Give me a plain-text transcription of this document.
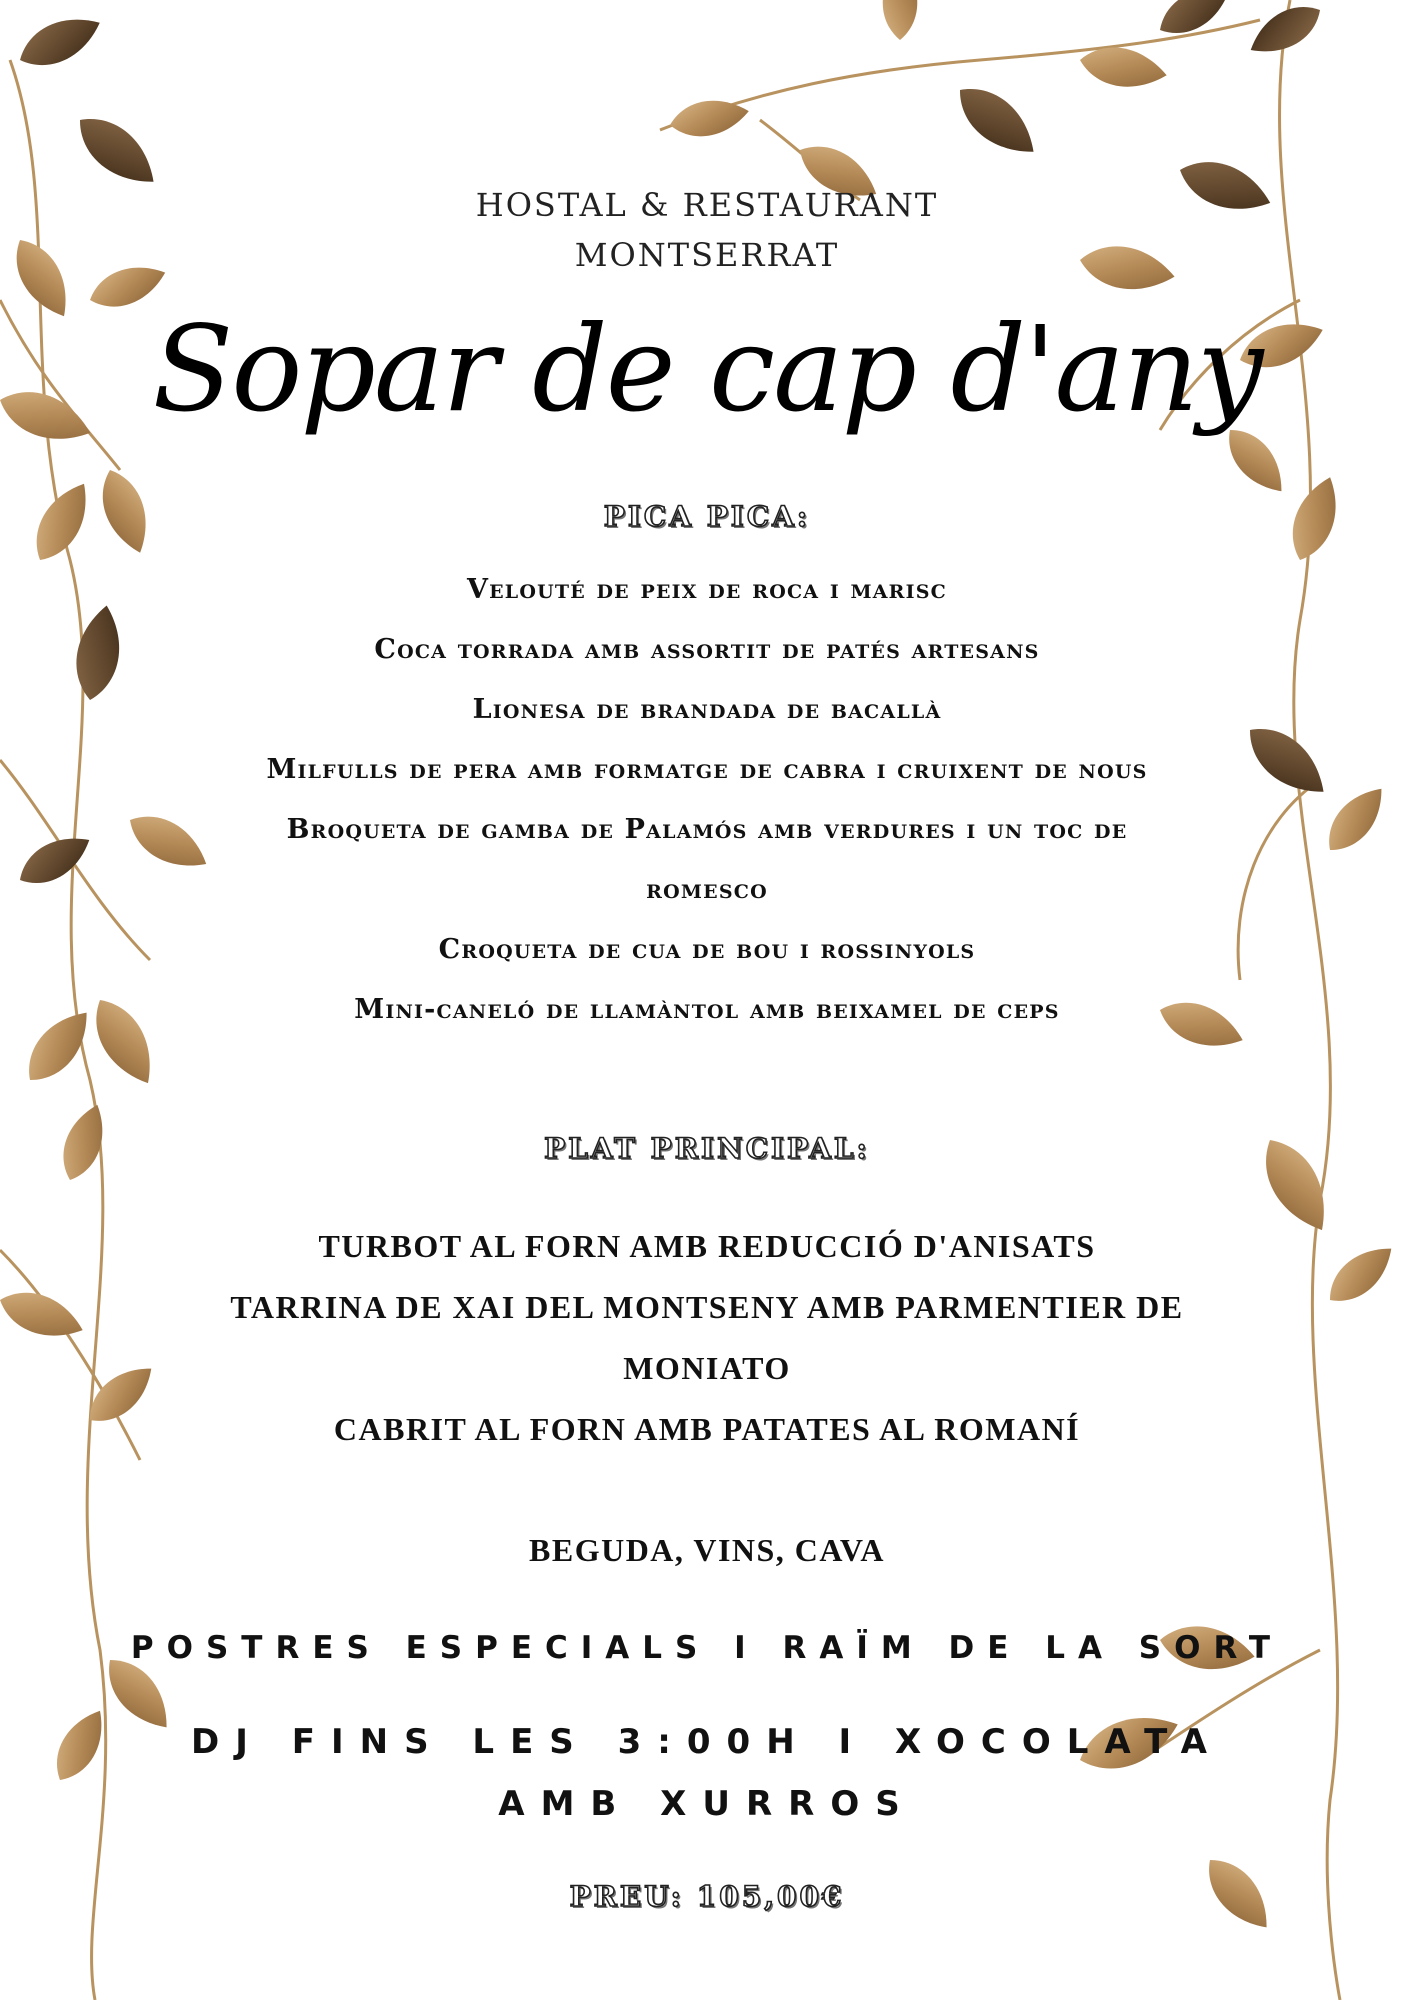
HOSTAL & RESTAURANT

MONTSERRAT

Sopar de cap d'any

PICA PICA:

Velouté de peix de roca i marisc

Coca torrada amb assortit de patés artesans

Lionesa de brandada de bacallà

Milfulls de pera amb formatge de cabra i cruixent de nous

Broqueta de gamba de Palamós amb verdures i un toc de

romesco

Croqueta de cua de bou i rossinyols

Mini-caneló de llamàntol amb beixamel de ceps

PLAT PRINCIPAL:

TURBOT AL FORN AMB REDUCCIÓ D'ANISATS

TARRINA DE XAI DEL MONTSENY AMB PARMENTIER DE

MONIATO

CABRIT AL FORN AMB PATATES AL ROMANÍ

BEGUDA, VINS, CAVA

POSTRES ESPECIALS I RAÏM DE LA SORT

DJ FINS LES 3:00H I XOCOLATA

AMB XURROS

PREU: 105,00€
